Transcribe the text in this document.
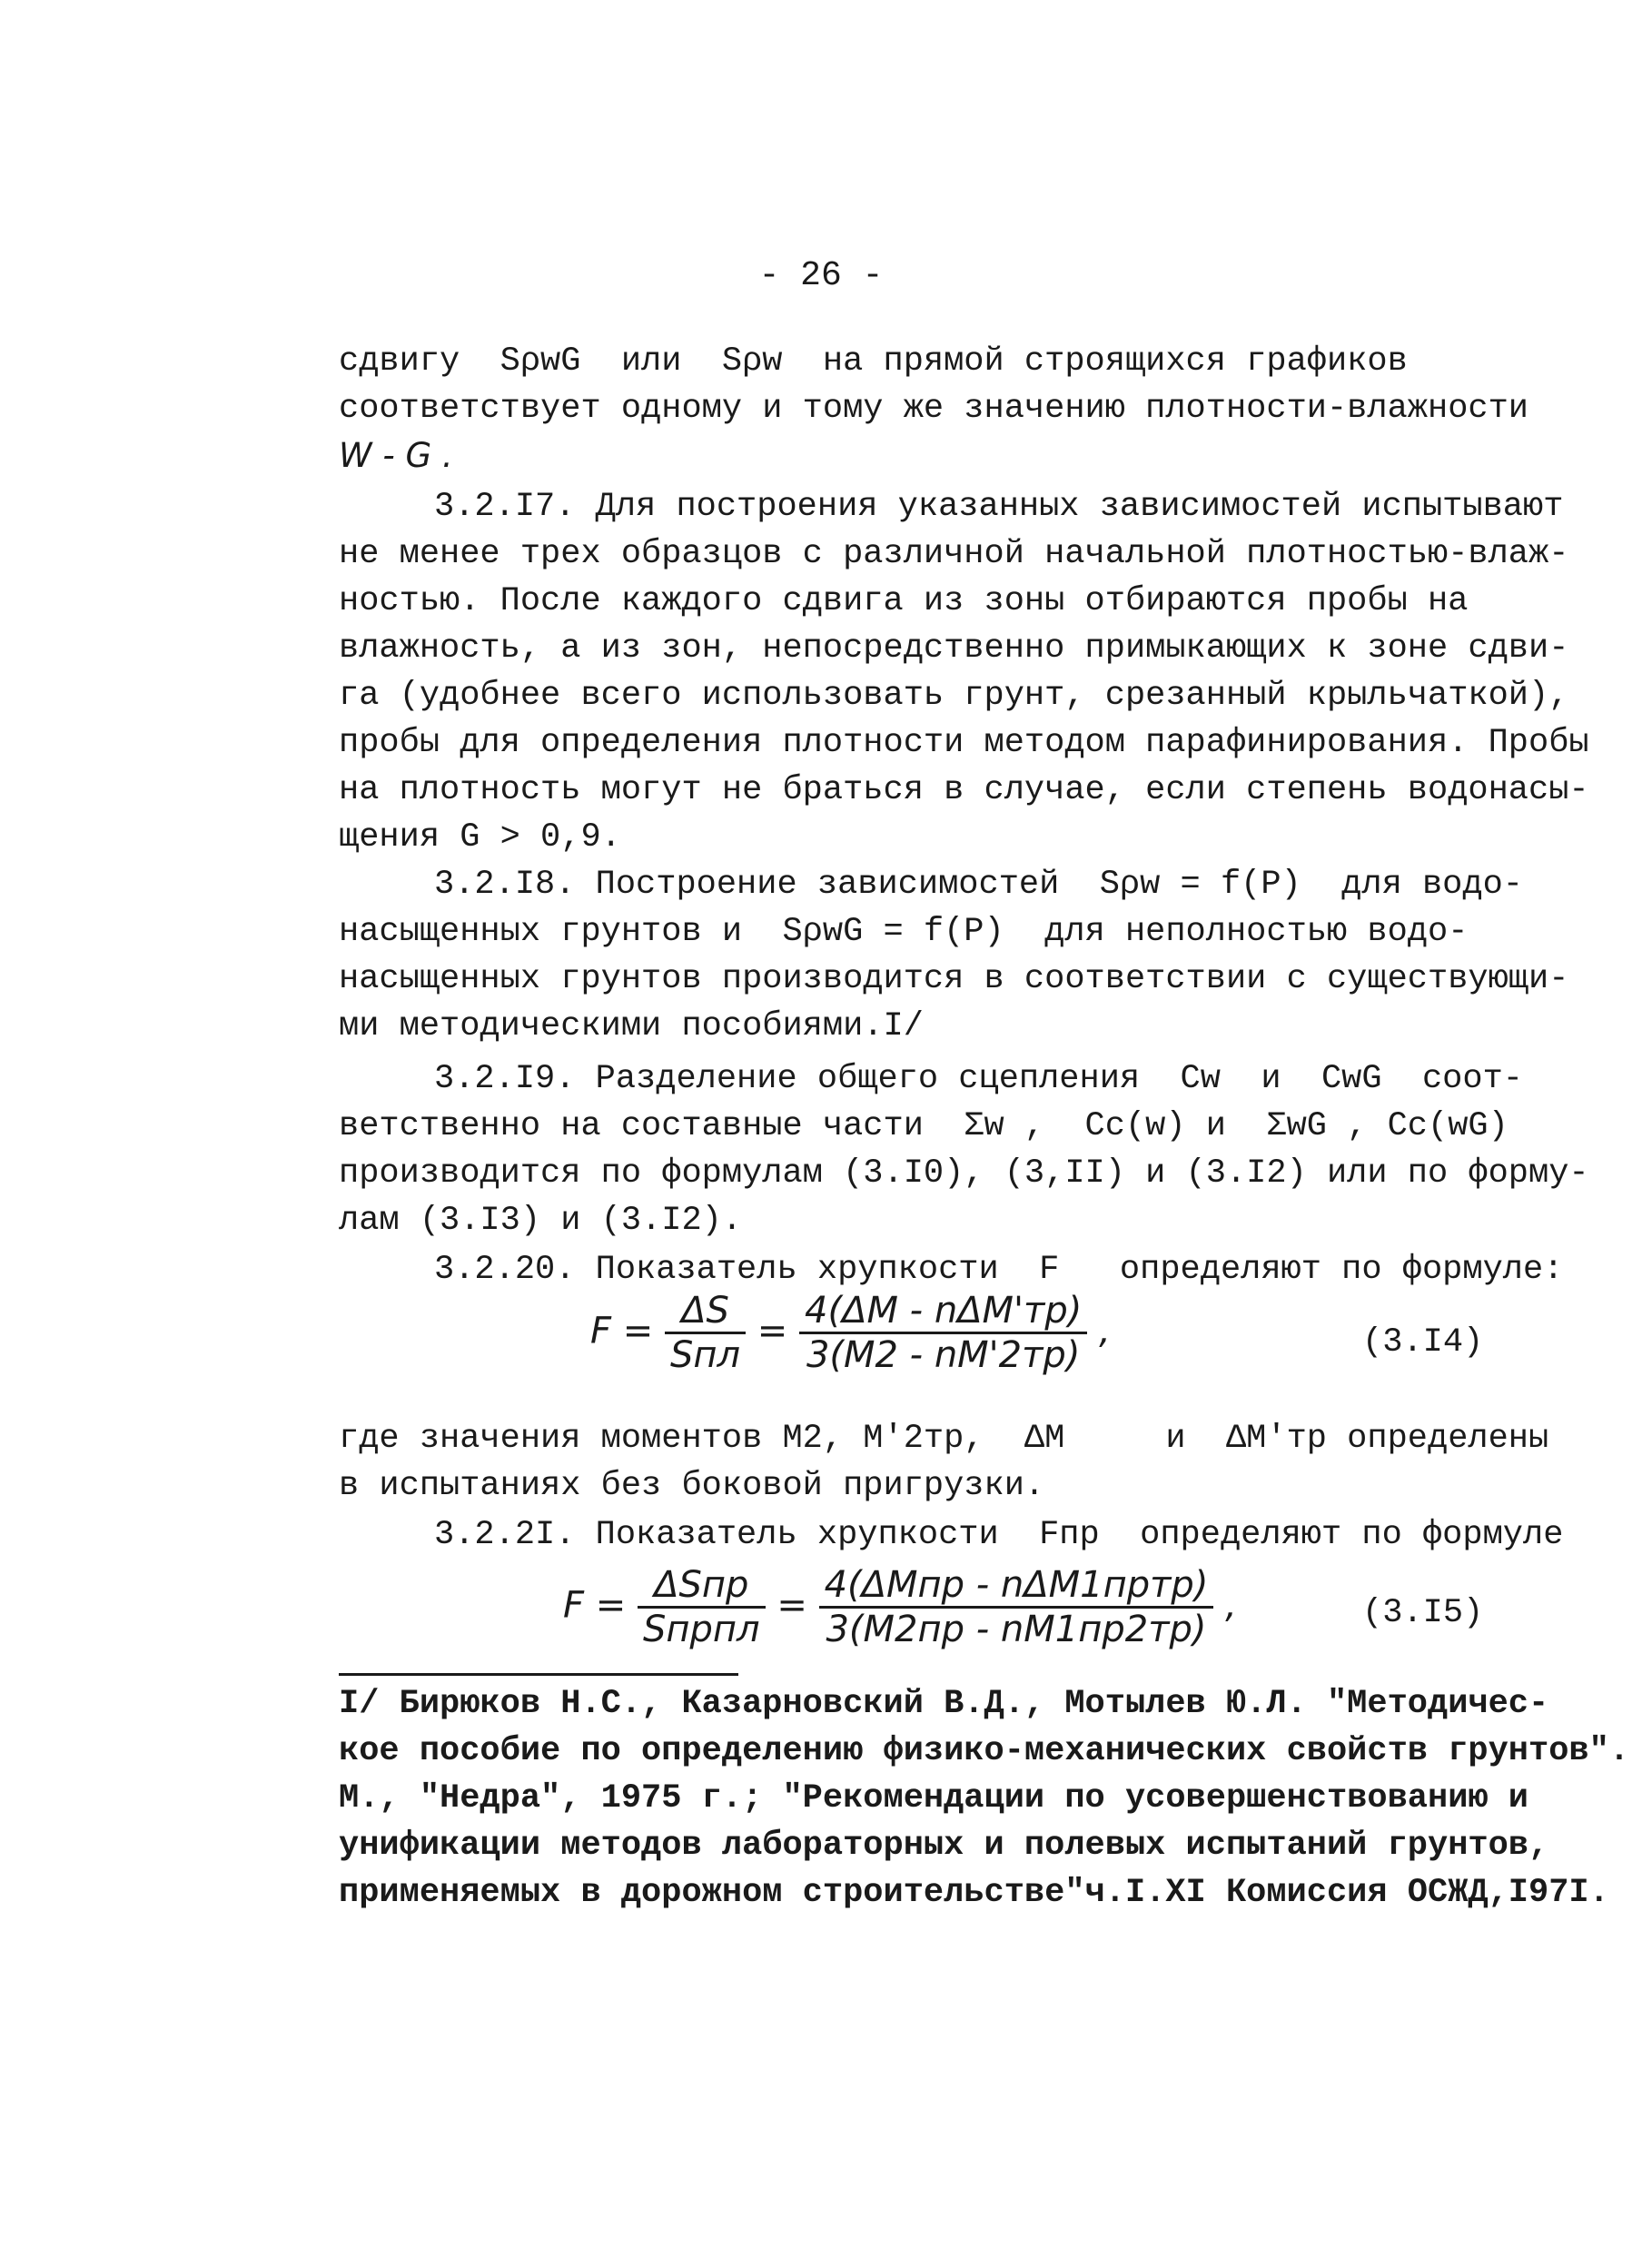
- 26 -
сдвигу  SρwG  или  Sρw  на прямой строящихся графиков
соответствует одному и тому же значению плотности-влажности
W - G .
3.2.I7. Для построения указанных зависимостей испытывают
не менее трех образцов с различной начальной плотностью-влаж-
ностью. После каждого сдвига из зоны отбираются пробы на
влажность, а из зон, непосредственно примыкающих к зоне сдви-
га (удобнее всего использовать грунт, срезанный крыльчаткой),
пробы для определения плотности методом парафинирования. Пробы
на плотность могут не браться в случае, если степень водонасы-
щения G > 0,9.
3.2.I8. Построение зависимостей  Sρw = f(P)  для водо-
насыщенных грунтов и  SρwG = f(P)  для неполностью водо-
насыщенных грунтов производится в соответствии с существующи-
ми методическими пособиями.I/
3.2.I9. Разделение общего сцепления  Cw  и  CwG  соот-
ветственно на составные части  Σw ,  Cc(w) и  ΣwG , Cc(wG)
производится по формулам (3.I0), (3,II) и (3.I2) или по форму-
лам (3.I3) и (3.I2).
3.2.20. Показатель хрупкости  F   определяют по формуле:
$F = \frac{\Delta S}{\text{Sпл}} = \frac{\text{4(ΔM - nΔM'тр)}}{3(M2 - nM'2тр)}$ ,	(3.I4)
где значения моментов M2, M'2тр,  ΔM     и  ΔM'тр определены
в испытаниях без боковой пригрузки.
3.2.2I. Показатель хрупкости  Fпр  определяют по формуле
$F = \frac{\text{ΔSпр}}{\text{Sпрпл}} = \frac{\text{4(ΔMпр - nΔM1пртр)}}{3(M2пр - nM1пр2тр)}$ ,	(3.I5)
I/ Бирюков Н.С., Казарновский В.Д., Мотылев Ю.Л. "Методичес-
кое пособие по определению физико-механических свойств грунтов".
М., "Недра", 1975 г.; "Рекомендации по усовершенствованию и
унификации методов лабораторных и полевых испытаний грунтов,
применяемых в дорожном строительстве"ч.I.XI Комиссия ОСЖД,I97I.
